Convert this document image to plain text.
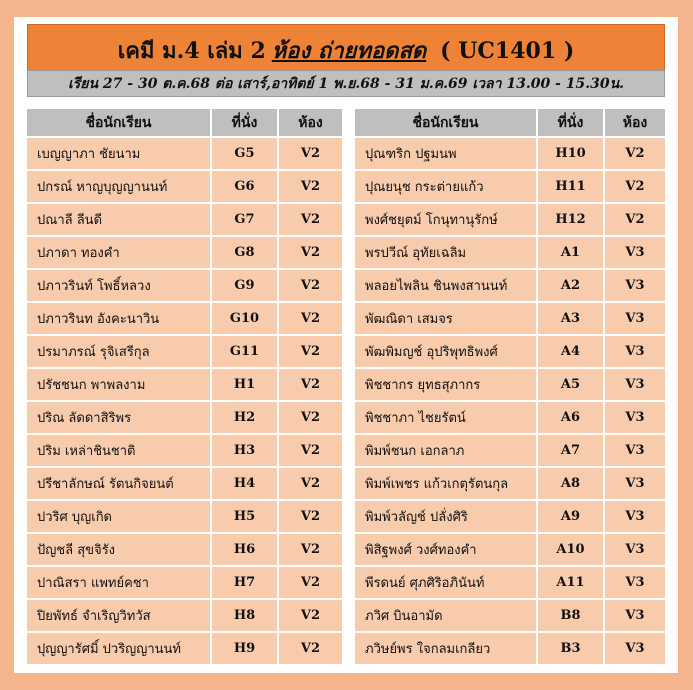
เคมี ม.4 เล่ม 2 ห้อง ถ่ายทอดสด ( UC1401 )
เรียน 27 - 30 ต.ค.68 ต่อ เสาร์,อาทิตย์ 1 พ.ย.68 - 31 ม.ค.69 เวลา 13.00 - 15.30น.
ชื่อนักเรียน	ที่นั่ง	ห้อง
เบญญาภา ชัยนาม	G5	V2
ปกรณ์ หาญบุญญานนท์	G6	V2
ปณาลี ลีนดี	G7	V2
ปภาดา ทองคำ	G8	V2
ปภาวรินท์ โพธิ์หลวง	G9	V2
ปภาวรินท อังคะนาวิน	G10	V2
ปรมาภรณ์ รุจิเสรีกุล	G11	V2
ปรัชชนก พาพลงาม	H1	V2
ปริณ ลัดดาสิริพร	H2	V2
ปริม เหล่าชินชาติ	H3	V2
ปรีชาลักษณ์ รัตนกิจยนต์	H4	V2
ปวริศ บุญเกิด	H5	V2
ปัญชลี สุขจิรัง	H6	V2
ปาณิสรา แพทย์คชา	H7	V2
ปิยพัทธ์ จำเริญวิทวัส	H8	V2
ปุญญารัศมิ์ ปวริญญานนท์	H9	V2
ชื่อนักเรียน	ที่นั่ง	ห้อง
ปุณฑริก ปฐมนพ	H10	V2
ปุณยนุช กระต่ายแก้ว	H11	V2
พงศ์ชยุตม์ โกนุทานุรักษ์	H12	V2
พรปวีณ์ อุทัยเฉลิม	A1	V3
พลอยไพลิน ชินพงสานนท์	A2	V3
พัฒณิดา เสมจร	A3	V3
พัฒพิมญช์ อุปริพุทธิพงศ์	A4	V3
พิชชากร ยุทธสุภากร	A5	V3
พิชชาภา ไชยรัตน์	A6	V3
พิมพ์ชนก เอกลาภ	A7	V3
พิมพ์เพชร แก้วเกตุรัตนกุล	A8	V3
พิมพ์วลัญช์ ปลั่งศิริ	A9	V3
พิสิฐพงศ์ วงศ์ทองคำ	A10	V3
พีรดนย์ ศุภศิริอภินันท์	A11	V3
ภวิศ บินอามัด	B8	V3
ภวิษย์พร ใจกลมเกลียว	B3	V3
